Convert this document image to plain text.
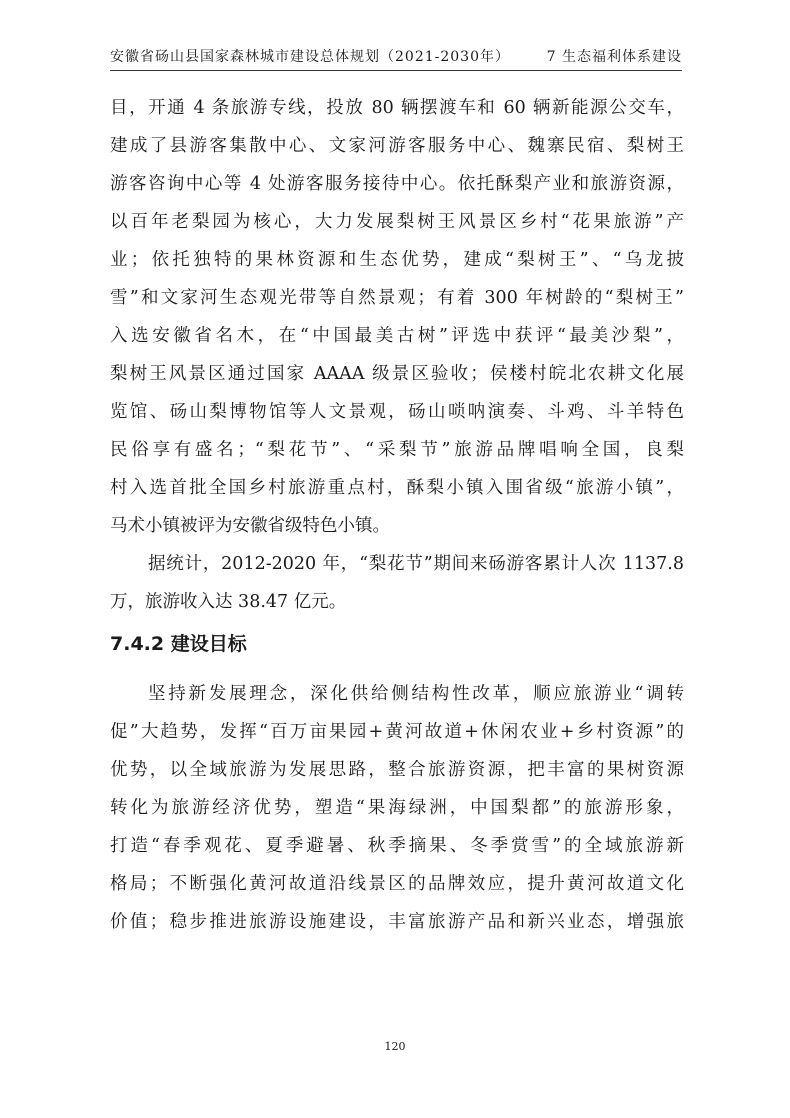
安徽省砀山县国家森林城市建设总体规划（2021-2030年）	7 生态福利体系建设
目，开通 4 条旅游专线，投放 80 辆摆渡车和 60 辆新能源公交车，
建成了县游客集散中心、文家河游客服务中心、魏寨民宿、梨树王
游客咨询中心等 4 处游客服务接待中心。依托酥梨产业和旅游资源，
以百年老梨园为核心，大力发展梨树王风景区乡村“花果旅游”产
业；依托独特的果林资源和生态优势，建成“梨树王”、“乌龙披
雪”和文家河生态观光带等自然景观；有着 300 年树龄的“梨树王”
入选安徽省名木，在“中国最美古树”评选中获评“最美沙梨”，
梨树王风景区通过国家 AAAA 级景区验收；侯楼村皖北农耕文化展
览馆、砀山梨博物馆等人文景观，砀山唢呐演奏、斗鸡、斗羊特色
民俗享有盛名；“梨花节”、“采梨节”旅游品牌唱响全国，良梨
村入选首批全国乡村旅游重点村，酥梨小镇入围省级“旅游小镇”，
马术小镇被评为安徽省级特色小镇。
据统计，2012-2020 年，“梨花节”期间来砀游客累计人次 1137.8
万，旅游收入达 38.47 亿元。
7.4.2 建设目标
坚持新发展理念，深化供给侧结构性改革，顺应旅游业“调转
促”大趋势，发挥“百万亩果园+黄河故道+休闲农业+乡村资源”的
优势，以全域旅游为发展思路，整合旅游资源，把丰富的果树资源
转化为旅游经济优势，塑造“果海绿洲，中国梨都”的旅游形象，
打造“春季观花、夏季避暑、秋季摘果、冬季赏雪”的全域旅游新
格局；不断强化黄河故道沿线景区的品牌效应，提升黄河故道文化
价值；稳步推进旅游设施建设，丰富旅游产品和新兴业态，增强旅
120
